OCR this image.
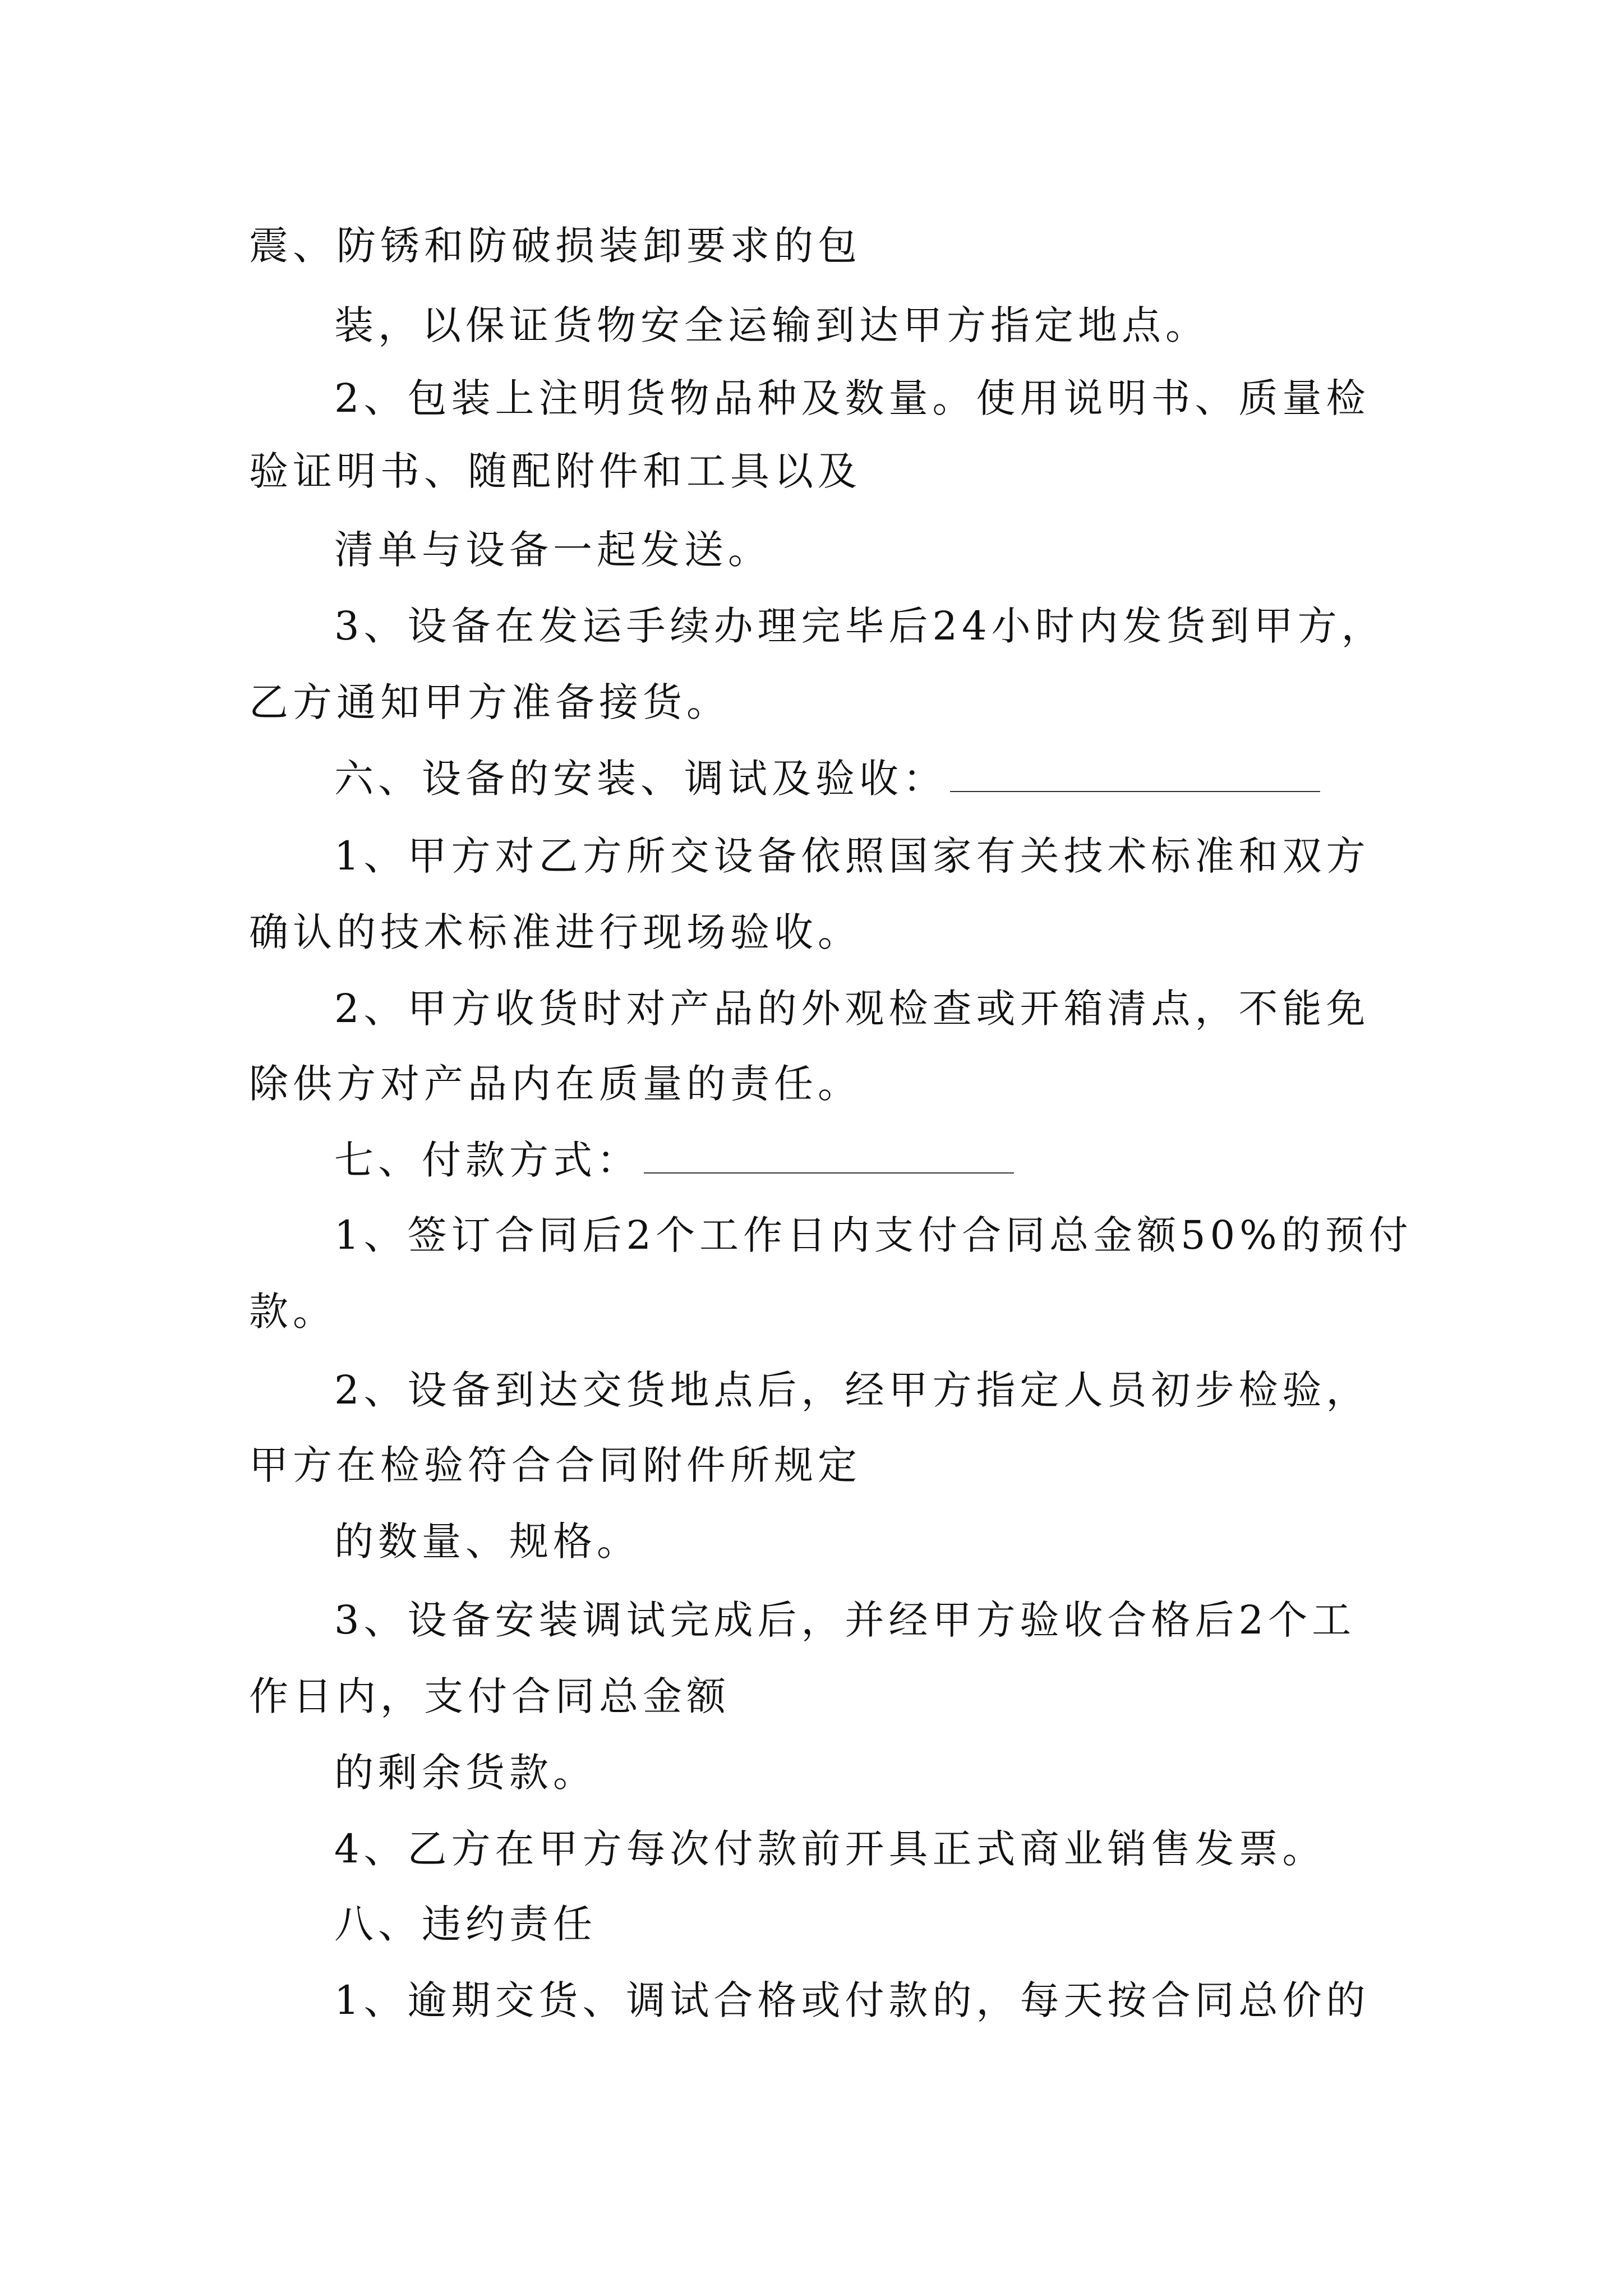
震、防锈和防破损装卸要求的包
装，以保证货物安全运输到达甲方指定地点。
2、包装上注明货物品种及数量。使用说明书、质量检
验证明书、随配附件和工具以及
清单与设备一起发送。
3、设备在发运手续办理完毕后24小时内发货到甲方，
乙方通知甲方准备接货。
六、设备的安装、调试及验收：
1、甲方对乙方所交设备依照国家有关技术标准和双方
确认的技术标准进行现场验收。
2、甲方收货时对产品的外观检查或开箱清点，不能免
除供方对产品内在质量的责任。
七、付款方式：
1、签订合同后2个工作日内支付合同总金额50%的预付
款。
2、设备到达交货地点后，经甲方指定人员初步检验，
甲方在检验符合合同附件所规定
的数量、规格。
3、设备安装调试完成后，并经甲方验收合格后2个工
作日内，支付合同总金额
的剩余货款。
4、乙方在甲方每次付款前开具正式商业销售发票。
八、违约责任
1、逾期交货、调试合格或付款的，每天按合同总价的
